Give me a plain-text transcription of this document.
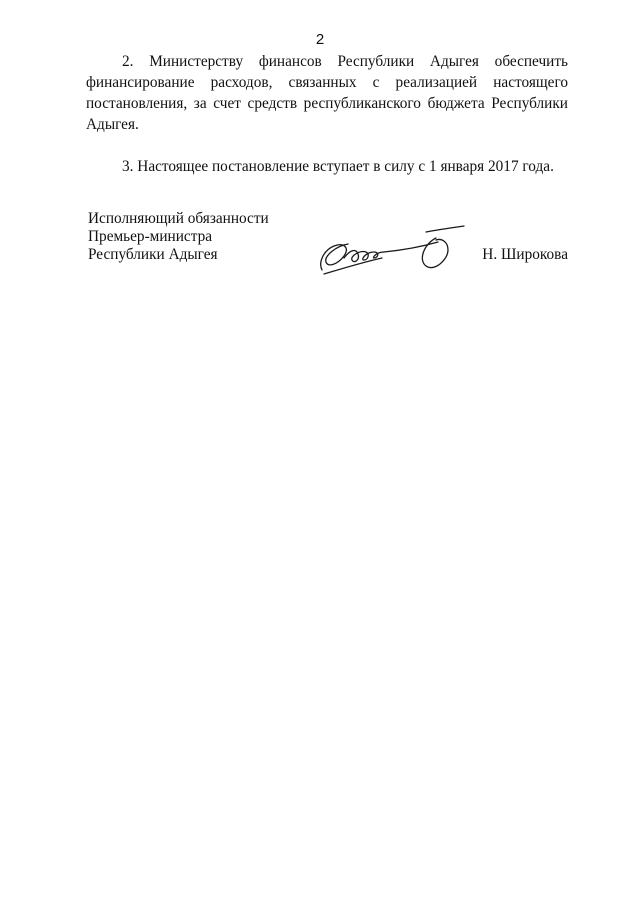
2

2. Министерству финансов Республики Адыгея обеспечить финансирование расходов, связанных с реализацией настоящего постановления, за счет средств республиканского бюджета Республики Адыгея.

3. Настоящее постановление вступает в силу с 1 января 2017 года.

Исполняющий обязанности
Премьер-министра
Республики Адыгея	Н. Широкова
